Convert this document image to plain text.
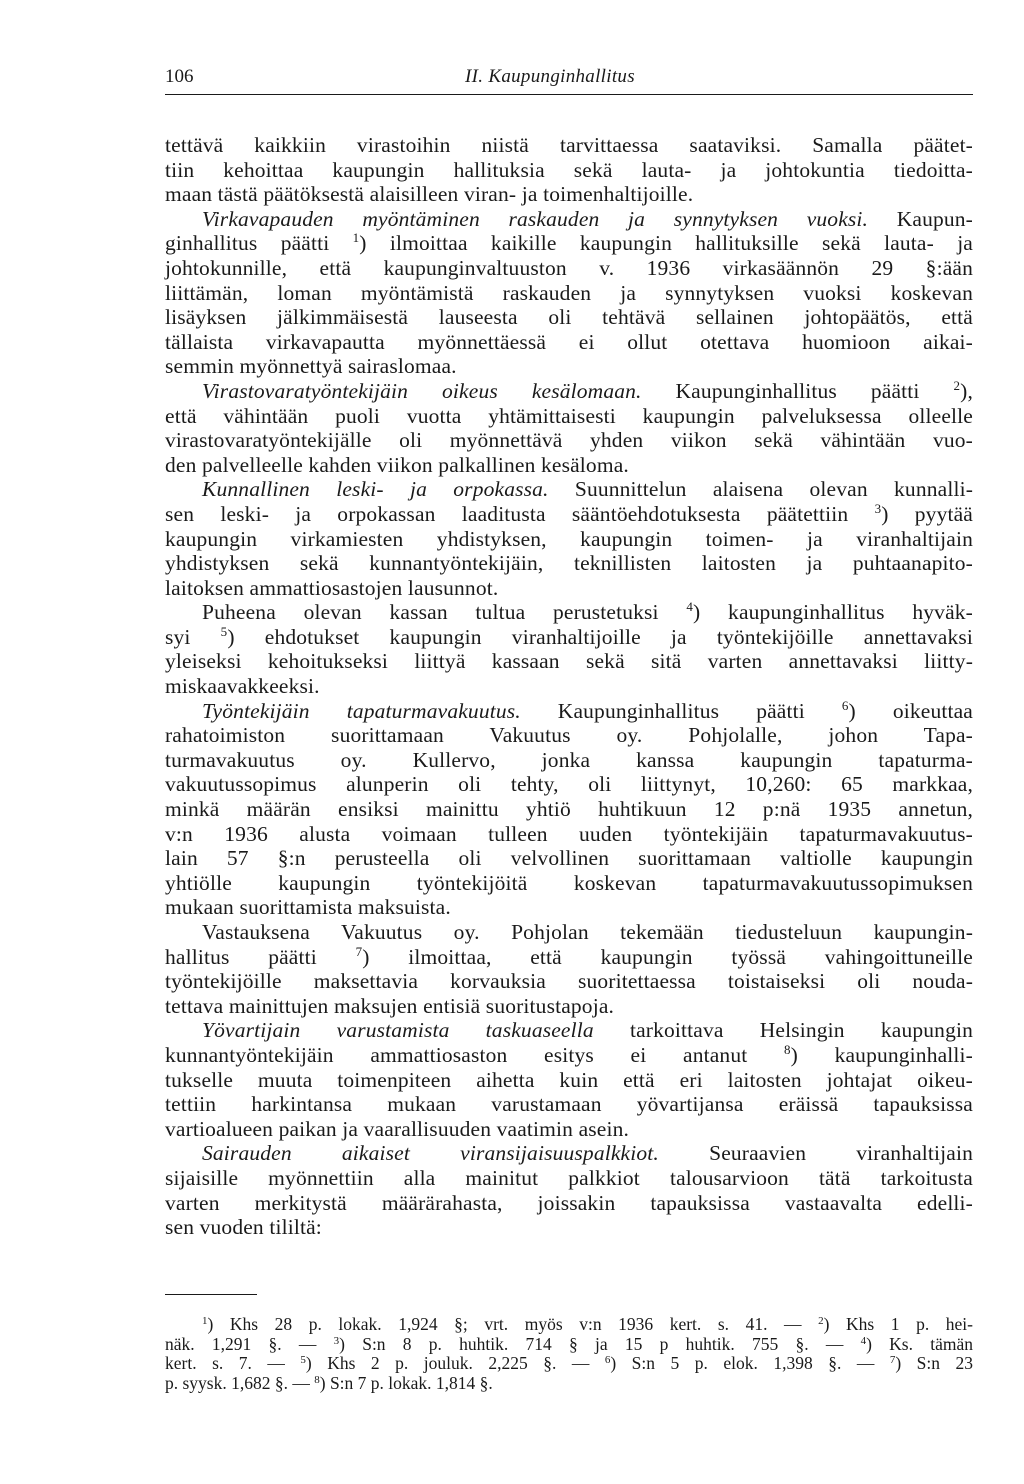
106	II. Kaupunginhallitus
tettävä kaikkiin virastoihin niistä tarvittaessa saataviksi. Samalla päätet-
tiin kehoittaa kaupungin hallituksia sekä lauta- ja johtokuntia tiedoitta-
maan tästä päätöksestä alaisilleen viran- ja toimenhaltijoille.
Virkavapauden myöntäminen raskauden ja synnytyksen vuoksi. Kaupun-
ginhallitus päätti $^1$) ilmoittaa kaikille kaupungin hallituksille sekä lauta- ja
johtokunnille, että kaupunginvaltuuston v. 1936 virkasäännön 29 §:ään
liittämän, loman myöntämistä raskauden ja synnytyksen vuoksi koskevan
lisäyksen jälkimmäisestä lauseesta oli tehtävä sellainen johtopäätös, että
tällaista virkavapautta myönnettäessä ei ollut otettava huomioon aikai-
semmin myönnettyä sairaslomaa.
Virastovaratyöntekijäin oikeus kesälomaan. Kaupunginhallitus päätti $^2$),
että vähintään puoli vuotta yhtämittaisesti kaupungin palveluksessa olleelle
virastovaratyöntekijälle oli myönnettävä yhden viikon sekä vähintään vuo-
den palvelleelle kahden viikon palkallinen kesäloma.
Kunnallinen leski- ja orpokassa. Suunnittelun alaisena olevan kunnalli-
sen leski- ja orpokassan laaditusta sääntöehdotuksesta päätettiin $^3$) pyytää
kaupungin virkamiesten yhdistyksen, kaupungin toimen- ja viranhaltijain
yhdistyksen sekä kunnantyöntekijäin, teknillisten laitosten ja puhtaanapito-
laitoksen ammattiosastojen lausunnot.
Puheena olevan kassan tultua perustetuksi $^4$) kaupunginhallitus hyväk-
syi $^5$) ehdotukset kaupungin viranhaltijoille ja työntekijöille annettavaksi
yleiseksi kehoitukseksi liittyä kassaan sekä sitä varten annettavaksi liitty-
miskaavakkeeksi.
Työntekijäin tapaturmavakuutus. Kaupunginhallitus päätti $^6$) oikeuttaa
rahatoimiston suorittamaan Vakuutus oy. Pohjolalle, johon Tapa-
turmavakuutus oy. Kullervo, jonka kanssa kaupungin tapaturma-
vakuutussopimus alunperin oli tehty, oli liittynyt, 10,260: 65 markkaa,
minkä määrän ensiksi mainittu yhtiö huhtikuun 12 p:nä 1935 annetun,
v:n 1936 alusta voimaan tulleen uuden työntekijäin tapaturmavakuutus-
lain 57 §:n perusteella oli velvollinen suorittamaan valtiolle kaupungin
yhtiölle kaupungin työntekijöitä koskevan tapaturmavakuutussopimuksen
mukaan suorittamista maksuista.
Vastauksena Vakuutus oy. Pohjolan tekemään tiedusteluun kaupungin-
hallitus päätti $^7$) ilmoittaa, että kaupungin työssä vahingoittuneille
työntekijöille maksettavia korvauksia suoritettaessa toistaiseksi oli nouda-
tettava mainittujen maksujen entisiä suoritustapoja.
Yövartijain varustamista taskuaseella tarkoittava Helsingin kaupungin
kunnantyöntekijäin ammattiosaston esitys ei antanut $^8$) kaupunginhalli-
tukselle muuta toimenpiteen aihetta kuin että eri laitosten johtajat oikeu-
tettiin harkintansa mukaan varustamaan yövartijansa eräissä tapauksissa
vartioalueen paikan ja vaarallisuuden vaatimin asein.
Sairauden aikaiset viransijaisuuspalkkiot. Seuraavien viranhaltijain
sijaisille myönnettiin alla mainitut palkkiot talousarvioon tätä tarkoitusta
varten merkitystä määrärahasta, joissakin tapauksissa vastaavalta edelli-
sen vuoden tililtä:
$^1$) Khs 28 p. lokak. 1,924 §; vrt. myös v:n 1936 kert. s. 41. — $^2$) Khs 1 p. hei-
näk. 1,291 §. — $^3$) S:n 8 p. huhtik. 714 § ja 15 p huhtik. 755 §. — $^4$) Ks. tämän
kert. s. 7. — $^5$) Khs 2 p. jouluk. 2,225 §. — $^6$) S:n 5 p. elok. 1,398 §. — $^7$) S:n 23
p. syysk. 1,682 §. — $^8$) S:n 7 p. lokak. 1,814 §.
